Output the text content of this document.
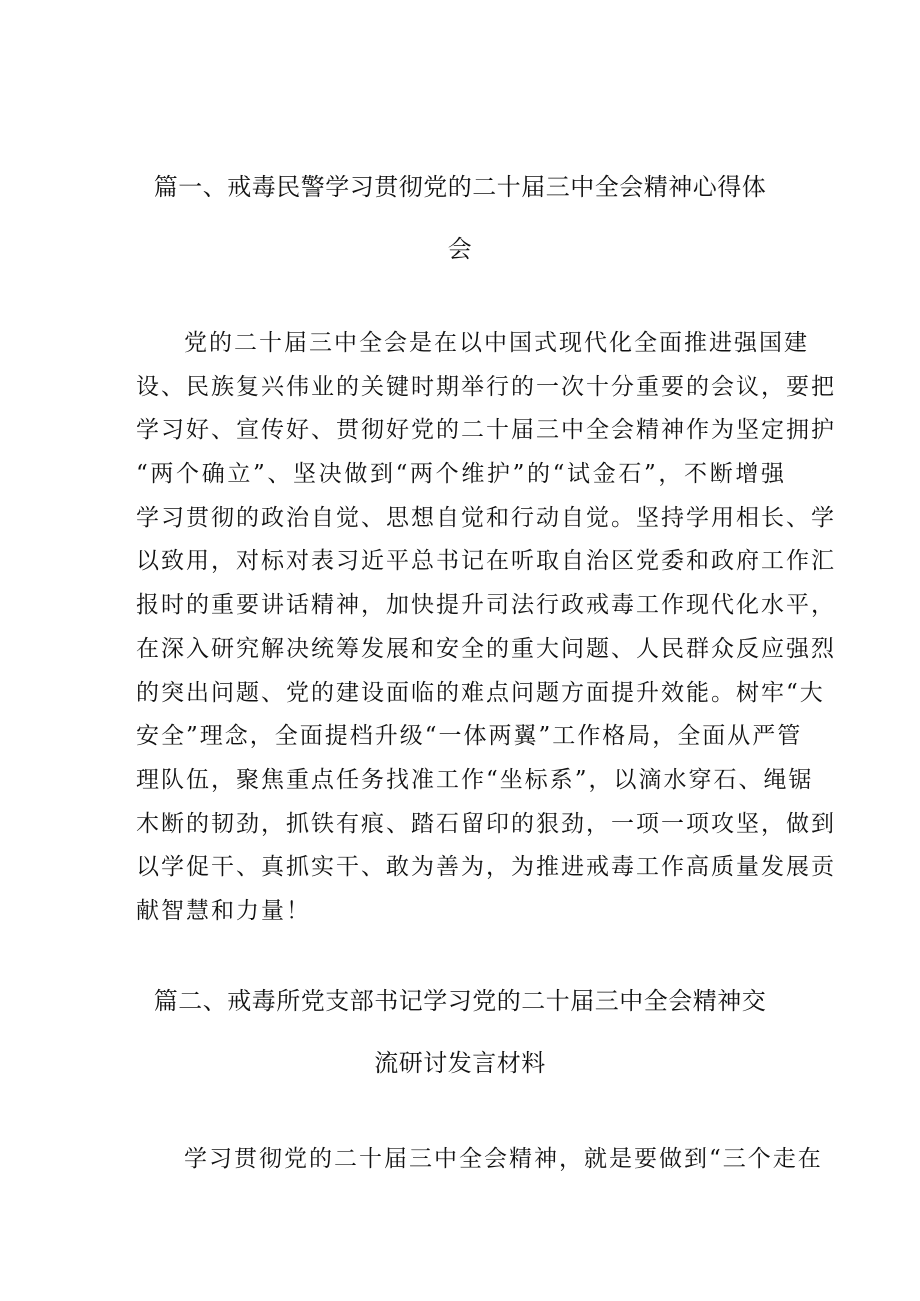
篇一、戒毒民警学习贯彻党的二十届三中全会精神心得体
会
党的二十届三中全会是在以中国式现代化全面推进强国建
设、民族复兴伟业的关键时期举行的一次十分重要的会议，要把
学习好、宣传好、贯彻好党的二十届三中全会精神作为坚定拥护
“两个确立”、坚决做到“两个维护”的“试金石”，不断增强
学习贯彻的政治自觉、思想自觉和行动自觉。坚持学用相长、学
以致用，对标对表习近平总书记在听取自治区党委和政府工作汇
报时的重要讲话精神，加快提升司法行政戒毒工作现代化水平，
在深入研究解决统筹发展和安全的重大问题、人民群众反应强烈
的突出问题、党的建设面临的难点问题方面提升效能。树牢“大
安全”理念，全面提档升级“一体两翼”工作格局，全面从严管
理队伍，聚焦重点任务找准工作“坐标系”，以滴水穿石、绳锯
木断的韧劲，抓铁有痕、踏石留印的狠劲，一项一项攻坚，做到
以学促干、真抓实干、敢为善为，为推进戒毒工作高质量发展贡
献智慧和力量！
篇二、戒毒所党支部书记学习党的二十届三中全会精神交
流研讨发言材料
学习贯彻党的二十届三中全会精神，就是要做到“三个走在
